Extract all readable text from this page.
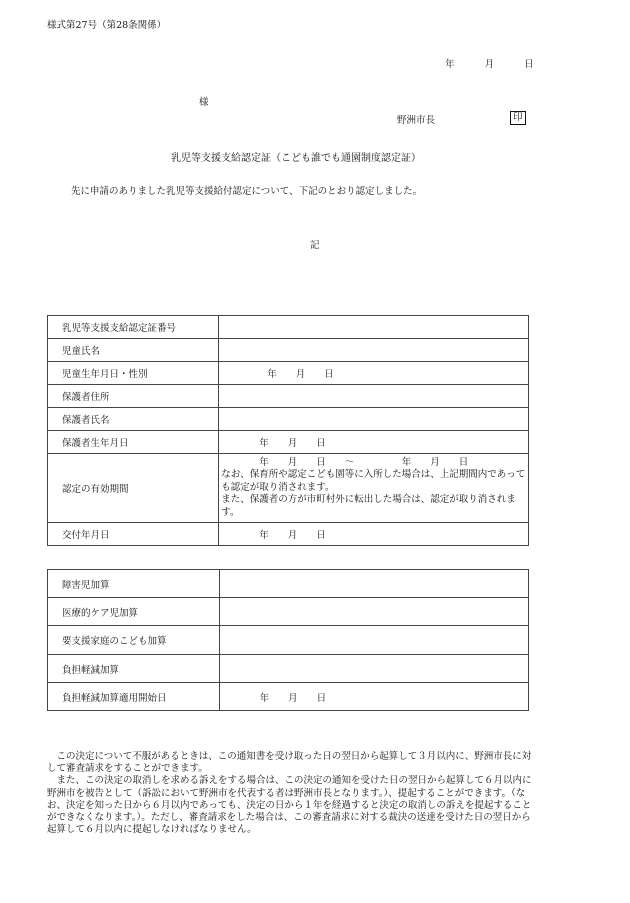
様式第27号（第28条関係）
年	月	日
様
野洲市長	印
乳児等支援支給認定証（こども誰でも通園制度認定証）
先に申請のありました乳児等支援給付認定について、下記のとおり認定しました。
記
乳児等支援支給認定証番号	
児童氏名	
児童生年月日・性別	年　　月　　日
保護者住所	
保護者氏名	
保護者生年月日	年　　月　　日
認定の有効期間	年　　月　　日　　～　　　　　年　　月　　日
なお、保育所や認定こども園等に入所した場合は、上記期間内であっても認定が取り消されます。
また、保護者の方が市町村外に転出した場合は、認定が取り消されます。

交付年月日	年　　月　　日
障害児加算	
医療的ケア児加算	
要支援家庭のこども加算	
負担軽減加算	
負担軽減加算適用開始日	年　　月　　日

この決定について不服があるときは、この通知書を受け取った日の翌日から起算して３月以内に、野洲市長に対して審査請求をすることができます。

また、この決定の取消しを求める訴えをする場合は、この決定の通知を受けた日の翌日から起算して６月以内に野洲市を被告として（訴訟において野洲市を代表する者は野洲市長となります。）、提起することができます。（なお、決定を知った日から６月以内であっても、決定の日から１年を経過すると決定の取消しの訴えを提起することができなくなります。）。ただし、審査請求をした場合は、この審査請求に対する裁決の送達を受けた日の翌日から起算して６月以内に提起しなければなりません。
